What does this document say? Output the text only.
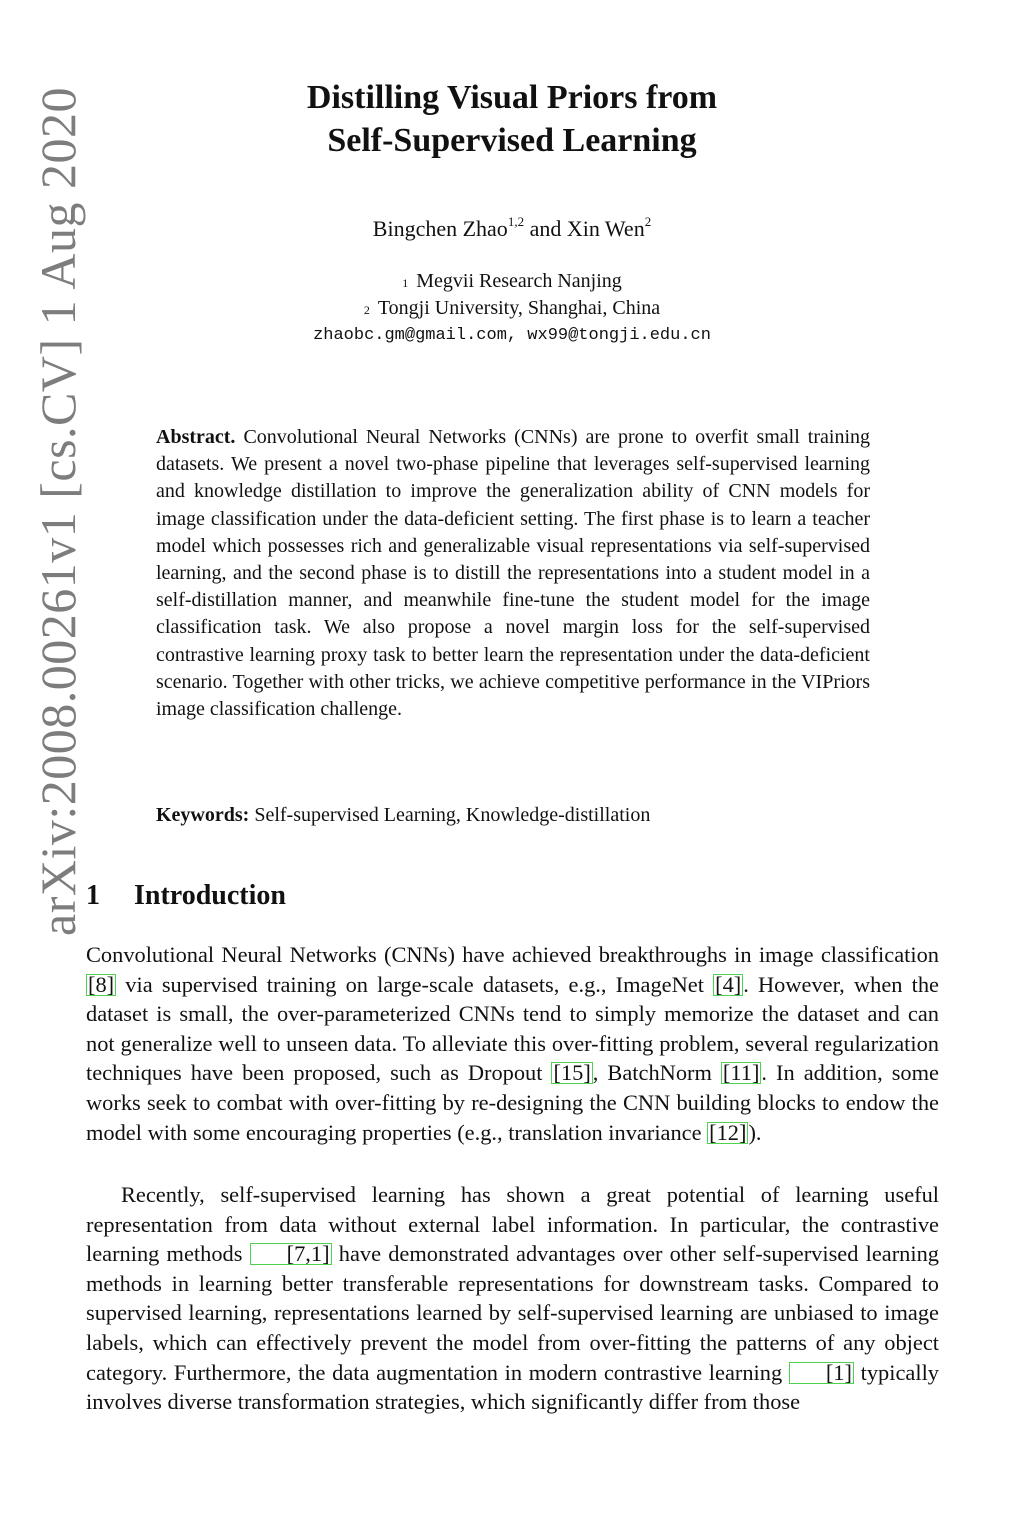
arXiv:2008.00261v1 [cs.CV] 1 Aug 2020	Distilling Visual Priors from
Self-Supervised Learning
Bingchen Zhao$^{1,2}$ and Xin Wen$^2$
$^1$ Megvii Research Nanjing
$^2$ Tongji University, Shanghai, China
zhaobc.gm@gmail.com, wx99@tongji.edu.cn

Abstract. Convolutional Neural Networks (CNNs) are prone to overfit small training datasets. We present a novel two-phase pipeline that leverages self-supervised learning and knowledge distillation to improve the generalization ability of CNN models for image classification under the data-deficient setting. The first phase is to learn a teacher model which possesses rich and generalizable visual representations via self-supervised learning, and the second phase is to distill the representations into a student model in a self-distillation manner, and meanwhile fine-tune the student model for the image classification task. We also propose a novel margin loss for the self-supervised contrastive learning proxy task to better learn the representation under the data-deficient scenario. Together with other tricks, we achieve competitive performance in the VIPriors image classification challenge.

Keywords: Self-supervised Learning, Knowledge-distillation

1 Introduction

Convolutional Neural Networks (CNNs) have achieved breakthroughs in image classification [8] via supervised training on large-scale datasets, e.g., ImageNet [4]. However, when the dataset is small, the over-parameterized CNNs tend to simply memorize the dataset and can not generalize well to unseen data. To alleviate this over-fitting problem, several regularization techniques have been proposed, such as Dropout [15], BatchNorm [11]. In addition, some works seek to combat with over-fitting by re-designing the CNN building blocks to endow the model with some encouraging properties (e.g., translation invariance [12]).

Recently, self-supervised learning has shown a great potential of learning useful representation from data without external label information. In particular, the contrastive learning methods [7,1] have demonstrated advantages over other self-supervised learning methods in learning better transferable representations for downstream tasks. Compared to supervised learning, representations learned by self-supervised learning are unbiased to image labels, which can effectively prevent the model from over-fitting the patterns of any object category. Furthermore, the data augmentation in modern contrastive learning [1] typically involves diverse transformation strategies, which significantly differ from those
